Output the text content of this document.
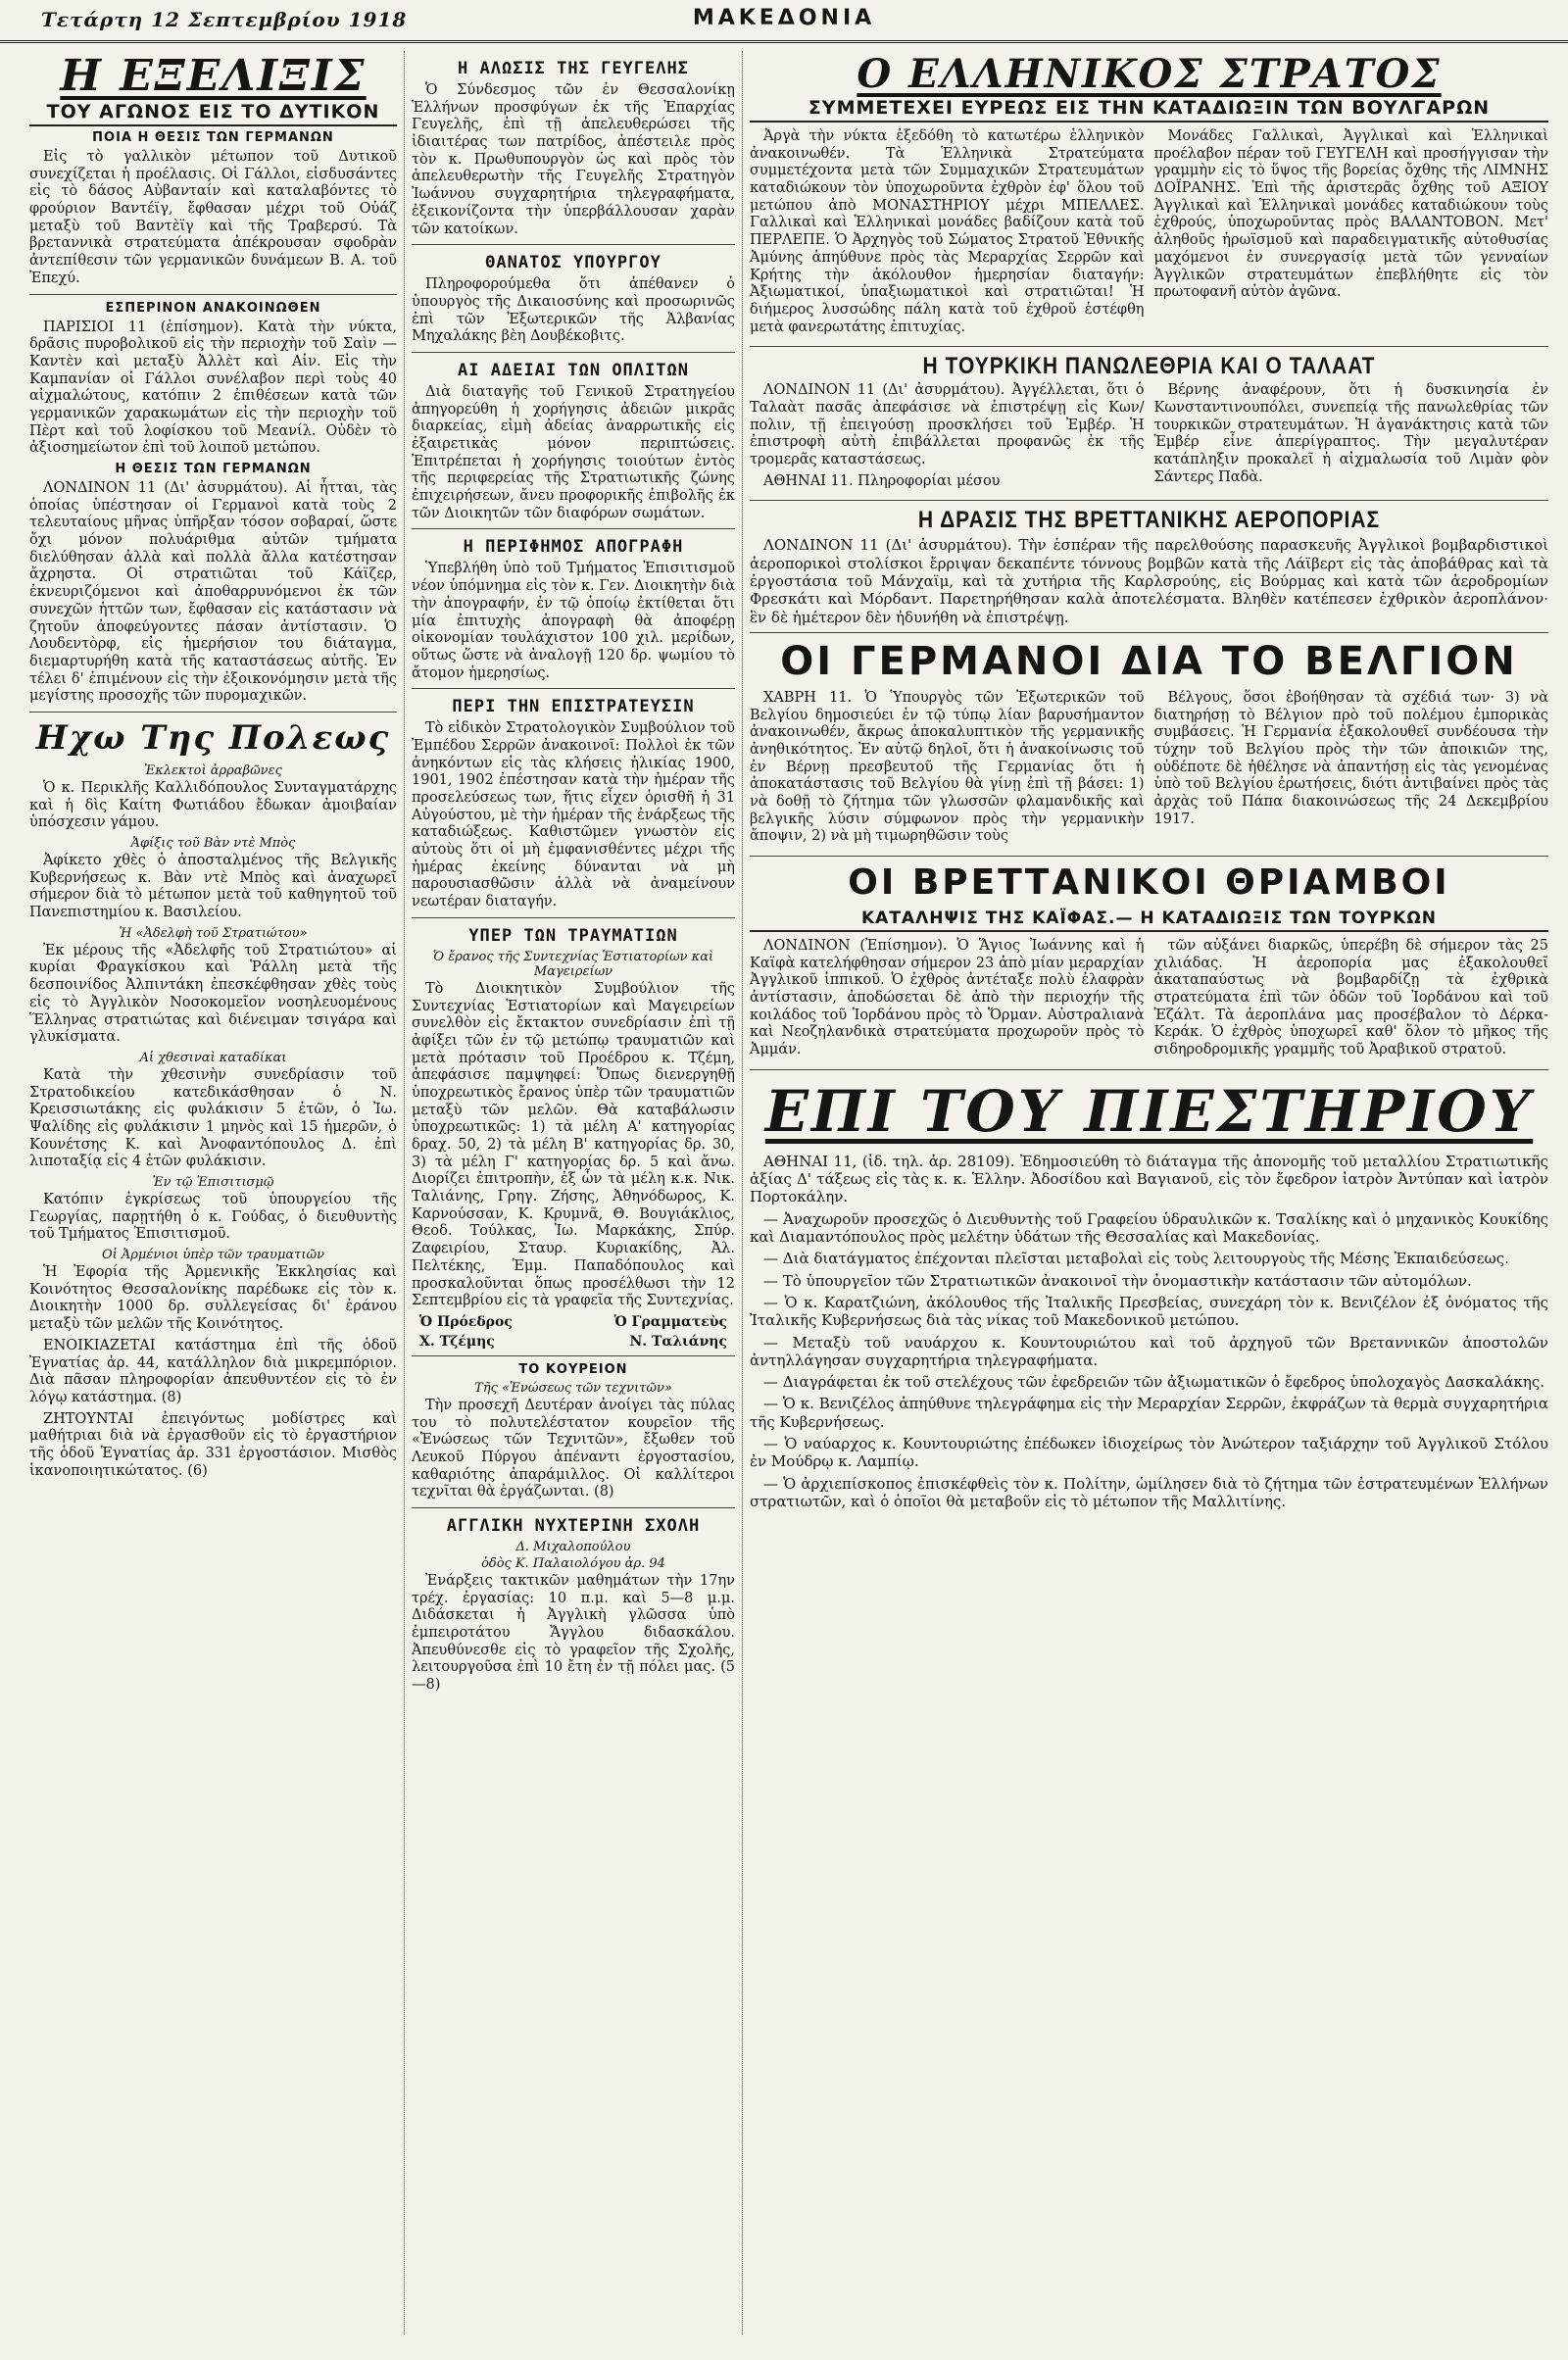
Τετάρτη 12 Σεπτεμβρίου 1918	ΜΑΚΕΔΟΝΙΑ
Η ΕΞΕΛΙΞΙΣ
ΤΟΥ ΑΓΩΝΟΣ ΕΙΣ ΤΟ ΔΥΤΙΚΟΝ
ΠΟΙΑ Η ΘΕΣΙΣ ΤΩΝ ΓΕΡΜΑΝΩΝ

Εἰς τὸ γαλλικὸν μέτωπον τοῦ Δυτικοῦ συνεχίζεται ἡ προέλασις. Οἱ Γάλλοι, εἰσδυσάντες εἰς τὸ δάσος Αὐβανταίν καὶ καταλαβόντες τὸ φρούριον Βαντέϊγ, ἔφθασαν μέχρι τοῦ Οὐάζ μεταξὺ τοῦ Βαντὲϊγ καὶ τῆς Τραβερσύ. Τὰ βρεταννικὰ στρατεύματα ἀπέκρουσαν σφοδρὰν ἀντεπίθεσιν τῶν γερμανικῶν δυνάμεων Β. Α. τοῦ Ἐπεχύ.

ΕΣΠΕΡΙΝΟΝ ΑΝΑΚΟΙΝΩΘΕΝ

ΠΑΡΙΣΙΟΙ 11 (ἐπίσημον). Κατὰ τὴν νύκτα, δρᾶσις πυροβολικοῦ εἰς τὴν περιοχὴν τοῦ Σαὶν — Καντὲν καὶ μεταξὺ Ἀλλὲτ καὶ Αἰν. Εἰς τὴν Καμπανίαν οἱ Γάλλοι συνέλαβον περὶ τοὺς 40 αἰχμαλώτους, κατόπιν 2 ἐπιθέσεων κατὰ τῶν γερμανικῶν χαρακωμάτων εἰς τὴν περιοχὴν τοῦ Πὲρτ καὶ τοῦ λοφίσκου τοῦ Μεανίλ. Οὐδὲν τὸ ἀξιοσημείωτον ἐπὶ τοῦ λοιποῦ μετώπου.

Η ΘΕΣΙΣ ΤΩΝ ΓΕΡΜΑΝΩΝ

ΛΟΝΔΙΝΟΝ 11 (Δι' ἀσυρμάτου). Αἱ ἧτται, τὰς ὁποίας ὑπέστησαν οἱ Γερμανοὶ κατὰ τοὺς 2 τελευταίους μῆνας ὑπῆρξαν τόσον σοβαραί, ὥστε ὄχι μόνον πολυάριθμα αὐτῶν τμήματα διελύθησαν ἀλλὰ καὶ πολλὰ ἄλλα κατέστησαν ἄχρηστα. Οἱ στρατιῶται τοῦ Κάϊζερ, ἐκνευριζόμενοι καὶ ἀποθαρρυνόμενοι ἐκ τῶν συνεχῶν ἡττῶν των, ἔφθασαν εἰς κατάστασιν νὰ ζητοῦν ἀποφεύγοντες πάσαν ἀντίστασιν. Ὁ Λουδεντὸρφ, εἰς ἡμερήσιον του διάταγμα, διεμαρτυρήθη κατὰ τῆς καταστάσεως αὐτῆς. Ἐν τέλει δ' ἐπιμένουν εἰς τὴν ἐξοικονόμησιν μετὰ τῆς μεγίστης προσοχῆς τῶν πυρομαχικῶν.

Ηχω Της Πολεως
Ἐκλεκτοὶ ἀρραβῶνες

Ὁ κ. Περικλῆς Καλλιδόπουλος Συνταγματάρχης καὶ ἡ δὶς Καίτη Φωτιάδου ἔδωκαν ἀμοιβαίαν ὑπόσχεσιν γάμου.

Ἀφίξις τοῦ Βὰν ντὲ Μπὸς

Ἀφίκετο χθὲς ὁ ἀποσταλμένος τῆς Βελγικῆς Κυβερνήσεως κ. Βὰν ντὲ Μπὸς καὶ ἀναχωρεῖ σήμερον διὰ τὸ μέτωπον μετὰ τοῦ καθηγητοῦ τοῦ Πανεπιστημίου κ. Βασιλείου.

Ἡ «Ἀδελφὴ τοῦ Στρατιώτου»

Ἐκ μέρους τῆς «Ἀδελφῆς τοῦ Στρατιώτου» αἱ κυρίαι Φραγκίσκου καὶ Ῥάλλη μετὰ τῆς δεσποινίδος Ἀλπιντάκη ἐπεσκέφθησαν χθὲς τοὺς εἰς τὸ Ἀγγλικὸν Νοσοκομεῖον νοσηλευομένους Ἕλληνας στρατιώτας καὶ διένειμαν τσιγάρα καὶ γλυκίσματα.

Αἱ χθεσιναὶ καταδίκαι

Κατὰ τὴν χθεσινὴν συνεδρίασιν τοῦ Στρατοδικείου κατεδικάσθησαν ὁ Ν. Κρεισσιωτάκης εἰς φυλάκισιν 5 ἐτῶν, ὁ Ἰω. Ψαλίδης εἰς φυλάκισιν 1 μηνὸς καὶ 15 ἡμερῶν, ὁ Κουνέτσης Κ. καὶ Ἀνοφαντόπουλος Δ. ἐπὶ λιποταξίᾳ εἰς 4 ἐτῶν φυλάκισιν.

Ἐν τῷ Ἐπισιτισμῷ

Κατόπιν ἐγκρίσεως τοῦ ὑπουργείου τῆς Γεωργίας, παρῃτήθη ὁ κ. Γούδας, ὁ διευθυντὴς τοῦ Τμήματος Ἐπισιτισμοῦ.

Οἱ Ἀρμένιοι ὑπὲρ τῶν τραυματιῶν

Ἡ Ἐφορία τῆς Ἀρμενικῆς Ἐκκλησίας καὶ Κοινότητος Θεσσαλονίκης παρέδωκε εἰς τὸν κ. Διοικητὴν 1000 δρ. συλλεγείσας δι' ἐράνου μεταξὺ τῶν μελῶν τῆς Κοινότητος.

ΕΝΟΙΚΙΑΖΕΤΑΙ κατάστημα ἐπὶ τῆς ὁδοῦ Ἐγνατίας ἀρ. 44, κατάλληλον διὰ μικρεμπόριον. Διὰ πᾶσαν πληροφορίαν ἀπευθυντέον εἰς τὸ ἐν λόγῳ κατάστημα. (8)

ΖΗΤΟΥΝΤΑΙ ἐπειγόντως μοδίστρες καὶ μαθήτριαι διὰ νὰ ἐργασθοῦν εἰς τὸ ἐργαστήριον τῆς ὁδοῦ Ἐγνατίας ἀρ. 331 ἐργοστάσιον. Μισθὸς ἱκανοποιητικώτατος. (6)

Η ΑΛΩΣΙΣ ΤΗΣ ΓΕΥΓΕΛΗΣ

Ὁ Σύνδεσμος τῶν ἐν Θεσσαλονίκῃ Ἑλλήνων προσφύγων ἐκ τῆς Ἐπαρχίας Γευγελῆς, ἐπὶ τῇ ἀπελευθερώσει τῆς ἰδιαιτέρας των πατρίδος, ἀπέστειλε πρὸς τὸν κ. Πρωθυπουργὸν ὡς καὶ πρὸς τὸν ἀπελευθερωτὴν τῆς Γευγελῆς Στρατηγὸν Ἰωάννου συγχαρητήρια τηλεγραφήματα, ἐξεικονίζοντα τὴν ὑπερβάλλουσαν χαρὰν τῶν κατοίκων.

ΘΑΝΑΤΟΣ ΥΠΟΥΡΓΟΥ

Πληροφορούμεθα ὅτι ἀπέθανεν ὁ ὑπουργὸς τῆς Δικαιοσύνης καὶ προσωρινῶς ἐπὶ τῶν Ἐξωτερικῶν τῆς Ἀλβανίας Μηχαλάκης βὲη Δουβέκοβιτς.

ΑΙ ΑΔΕΙΑΙ ΤΩΝ ΟΠΛΙΤΩΝ

Διὰ διαταγῆς τοῦ Γενικοῦ Στρατηγείου ἀπηγορεύθη ἡ χορήγησις ἀδειῶν μικρᾶς διαρκείας, εἰμὴ ἀδείας ἀναρρωτικῆς εἰς ἐξαιρετικὰς μόνον περιπτώσεις. Ἐπιτρέπεται ἡ χορήγησις τοιούτων ἐντὸς τῆς περιφερείας τῆς Στρατιωτικῆς ζώνης ἐπιχειρήσεων, ἄνευ προφορικῆς ἐπιβολῆς ἐκ τῶν Διοικητῶν τῶν διαφόρων σωμάτων.

Η ΠΕΡΙΦΗΜΟΣ ΑΠΟΓΡΑΦΗ

Ὑπεβλήθη ὑπὸ τοῦ Τμήματος Ἐπισιτισμοῦ νέον ὑπόμνημα εἰς τὸν κ. Γεν. Διοικητὴν διὰ τὴν ἀπογραφήν, ἐν τῷ ὁποίῳ ἐκτίθεται ὅτι μία ἐπιτυχὴς ἀπογραφὴ θὰ ἀποφέρῃ οἰκονομίαν τουλάχιστον 100 χιλ. μερίδων, οὕτως ὥστε νὰ ἀναλογῇ 120 δρ. ψωμίου τὸ ἄτομον ἡμερησίως.

ΠΕΡΙ ΤΗΝ ΕΠΙΣΤΡΑΤΕΥΣΙΝ

Τὸ εἰδικὸν Στρατολογικὸν Συμβούλιον τοῦ Ἐμπέδου Σερρῶν ἀνακοινοῖ: Πολλοὶ ἐκ τῶν ἀνηκόντων εἰς τὰς κλήσεις ἡλικίας 1900, 1901, 1902 ἐπέστησαν κατὰ τὴν ἡμέραν τῆς προσελεύσεως των, ἥτις εἶχεν ὁρισθῆ ἡ 31 Αὐγούστου, μὲ τὴν ἡμέραν τῆς ἐνάρξεως τῆς καταδιώξεως. Καθιστῶμεν γνωστὸν εἰς αὐτοὺς ὅτι οἱ μὴ ἐμφανισθέντες μέχρι τῆς ἡμέρας ἐκείνης δύνανται νὰ μὴ παρουσιασθῶσιν ἀλλὰ νὰ ἀναμείνουν νεωτέραν διαταγήν.

ΥΠΕΡ ΤΩΝ ΤΡΑΥΜΑΤΙΩΝ
Ὁ ἔρανος τῆς Συντεχνίας Ἑστιατορίων καὶ Μαγειρείων

Τὸ Διοικητικὸν Συμβούλιον τῆς Συντεχνίας Ἑστιατορίων καὶ Μαγειρείων συνελθὸν εἰς ἔκτακτον συνεδρίασιν ἐπὶ τῇ ἀφίξει τῶν ἐν τῷ μετώπῳ τραυματιῶν καὶ μετὰ πρότασιν τοῦ Προέδρου κ. Τζέμη, ἀπεφάσισε παμψηφεί: Ὅπως διενεργηθῇ ὑποχρεωτικὸς ἔρανος ὑπὲρ τῶν τραυματιῶν μεταξὺ τῶν μελῶν. Θὰ καταβάλωσιν ὑποχρεωτικῶς: 1) τὰ μέλη Α' κατηγορίας δραχ. 50, 2) τὰ μέλη Β' κατηγορίας δρ. 30, 3) τὰ μέλη Γ' κατηγορίας δρ. 5 καὶ ἄνω. Διορίζει ἐπιτροπὴν, ἐξ ὧν τὰ μέλη κ.κ. Νικ. Ταλιάνης, Γρηγ. Ζήσης, Ἀθηνόδωρος, Κ. Καρνούσσαν, Κ. Κρυμνᾶ, Θ. Βουγιάκλιος, Θεοδ. Τούλκας, Ἰω. Μαρκάκης, Σπύρ. Ζαφειρίου, Σταυρ. Κυριακίδης, Ἀλ. Πελτέκης, Ἐμμ. Παπαδόπουλος καὶ προσκαλοῦνται ὅπως προσέλθωσι τὴν 12 Σεπτεμβρίου εἰς τὰ γραφεῖα τῆς Συντεχνίας.

Ὁ Πρόεδρος	Ὁ Γραμματεὺς
Χ. Τζέμης	Ν. Ταλιάνης
ΤΟ ΚΟΥΡΕΙΟΝ
Τῆς «Ἑνώσεως τῶν τεχνιτῶν»

Τὴν προσεχῆ Δευτέραν ἀνοίγει τὰς πύλας του τὸ πολυτελέστατον κουρεῖον τῆς «Ἑνώσεως τῶν Τεχνιτῶν», ἔξωθεν τοῦ Λευκοῦ Πύργου ἀπέναντι ἐργοστασίου, καθαριότης ἀπαράμιλλος. Οἱ καλλίτεροι τεχνῖται θὰ ἐργάζωνται. (8)

ΑΓΓΛΙΚΗ ΝΥΧΤΕΡΙΝΗ ΣΧΟΛΗ
Δ. Μιχαλοπούλου
ὁδὸς Κ. Παλαιολόγου ἀρ. 94

Ἐνάρξεις τακτικῶν μαθημάτων τὴν 17ην τρέχ. ἐργασίας: 10 π.μ. καὶ 5—8 μ.μ. Διδάσκεται ἡ Ἀγγλικὴ γλῶσσα ὑπὸ ἐμπειροτάτου Ἄγγλου διδασκάλου. Ἀπευθύνεσθε εἰς τὸ γραφεῖον τῆς Σχολῆς, λειτουργοῦσα ἐπὶ 10 ἔτη ἐν τῇ πόλει μας. (5—8)

Ο ΕΛΛΗΝΙΚΟΣ ΣΤΡΑΤΟΣ
ΣΥΜΜΕΤΕΧΕΙ ΕΥΡΕΩΣ ΕΙΣ ΤΗΝ ΚΑΤΑΔΙΩΞΙΝ ΤΩΝ ΒΟΥΛΓΑΡΩΝ

Ἀργὰ τὴν νύκτα ἐξεδόθη τὸ κατωτέρω ἑλληνικὸν ἀνακοινωθέν. Τὰ Ἑλληνικὰ Στρατεύματα συμμετέχοντα μετὰ τῶν Συμμαχικῶν Στρατευμάτων καταδιώκουν τὸν ὑποχωροῦντα ἐχθρὸν ἐφ' ὅλου τοῦ μετώπου ἀπὸ ΜΟΝΑΣΤΗΡΙΟΥ μέχρι ΜΠΕΛΛΕΣ. Γαλλικαὶ καὶ Ἑλληνικαὶ μονάδες βαδίζουν κατὰ τοῦ ΠΕΡΛΕΠΕ. Ὁ Ἀρχηγὸς τοῦ Σώματος Στρατοῦ Ἐθνικῆς Ἀμύνης ἀπηύθυνε πρὸς τὰς Μεραρχίας Σερρῶν καὶ Κρήτης τὴν ἀκόλουθον ἡμερησίαν διαταγήν: Ἀξιωματικοί, ὑπαξιωματικοὶ καὶ στρατιῶται! Ἡ διήμερος λυσσώδης πάλη κατὰ τοῦ ἐχθροῦ ἐστέφθη μετὰ φανερωτάτης ἐπιτυχίας.

Μονάδες Γαλλικαὶ, Ἀγγλικαὶ καὶ Ἑλληνικαὶ προέλαβον πέραν τοῦ ΓΕΥΓΕΛΗ καὶ προσήγγισαν τὴν γραμμὴν εἰς τὸ ὕψος τῆς βορείας ὄχθης τῆς ΛΙΜΝΗΣ ΔΟΪΡΑΝΗΣ. Ἐπὶ τῆς ἀριστερᾶς ὄχθης τοῦ ΑΞΙΟΥ Ἀγγλικαὶ καὶ Ἑλληνικαὶ μονάδες καταδιώκουν τοὺς ἐχθρούς, ὑποχωροῦντας πρὸς ΒΑΛΑΝΤΟΒΟΝ. Μετ' ἀληθοῦς ἡρωϊσμοῦ καὶ παραδειγματικῆς αὐτοθυσίας μαχόμενοι ἐν συνεργασίᾳ μετὰ τῶν γενναίων Ἀγγλικῶν στρατευμάτων ἐπεβλήθητε εἰς τὸν πρωτοφανῆ αὐτὸν ἀγῶνα.

Η ΤΟΥΡΚΙΚΗ ΠΑΝΩΛΕΘΡΙΑ ΚΑΙ Ο ΤΑΛΑΑΤ

ΛΟΝΔΙΝΟΝ 11 (Δι' ἀσυρμάτου). Ἀγγέλλεται, ὅτι ὁ Ταλαὰτ πασᾶς ἀπεφάσισε νὰ ἐπιστρέψῃ εἰς Κων/πολιν, τῇ ἐπειγούσῃ προσκλήσει τοῦ Ἐμβέρ. Ἡ ἐπιστροφὴ αὐτὴ ἐπιβάλλεται προφανῶς ἐκ τῆς τρομερᾶς καταστάσεως.

ΑΘΗΝΑΙ 11. Πληροφορίαι μέσου

Βέρνης ἀναφέρουν, ὅτι ἡ δυσκινησία ἐν Κωνσταντινουπόλει, συνεπείᾳ τῆς πανωλεθρίας τῶν τουρκικῶν στρατευμάτων. Ἡ ἀγανάκτησις κατὰ τῶν Ἐμβέρ εἶνε ἀπερίγραπτος. Τὴν μεγαλυτέραν κατάπληξιν προκαλεῖ ἡ αἰχμαλωσία τοῦ Λιμὰν φὸν Σάντερς Παδὰ.

Η ΔΡΑΣΙΣ ΤΗΣ ΒΡΕΤΤΑΝΙΚΗΣ ΑΕΡΟΠΟΡΙΑΣ

ΛΟΝΔΙΝΟΝ 11 (Δι' ἀσυρμάτου). Τὴν ἑσπέραν τῆς παρελθούσης παρασκευῆς Ἀγγλικοὶ βομβαρδιστικοὶ ἀεροπορικοὶ στολίσκοι ἔρριψαν δεκαπέντε τόννους βομβῶν κατὰ τῆς Λάϊβερτ εἰς τὰς ἀποβάθρας καὶ τὰ ἐργοστάσια τοῦ Μάνχαϊμ, καὶ τὰ χυτήρια τῆς Καρλσρούης, εἰς Βούρμας καὶ κατὰ τῶν ἀεροδρομίων Φρεσκάτι καὶ Μόρδαντ. Παρετηρήθησαν καλὰ ἀποτελέσματα. Βληθὲν κατέπεσεν ἐχθρικὸν ἀεροπλάνον· ἓν δὲ ἡμέτερον δὲν ἠδυνήθη νὰ ἐπιστρέψῃ.

ΟΙ ΓΕΡΜΑΝΟΙ ΔΙΑ ΤΟ ΒΕΛΓΙΟΝ

ΧΑΒΡΗ 11. Ὁ Ὑπουργὸς τῶν Ἐξωτερικῶν τοῦ Βελγίου δημοσιεύει ἐν τῷ τύπῳ λίαν βαρυσήμαντον ἀνακοινωθέν, ἄκρως ἀποκαλυπτικὸν τῆς γερμανικῆς ἀνηθικότητος. Ἐν αὐτῷ δηλοῖ, ὅτι ἡ ἀνακοίνωσις τοῦ ἐν Βέρνῃ πρεσβευτοῦ τῆς Γερμανίας ὅτι ἡ ἀποκατάστασις τοῦ Βελγίου θὰ γίνῃ ἐπὶ τῇ βάσει: 1) νὰ δοθῇ τὸ ζήτημα τῶν γλωσσῶν φλαμανδικῆς καὶ βελγικῆς λύσιν σύμφωνον πρὸς τὴν γερμανικὴν ἄποψιν, 2) νὰ μὴ τιμωρηθῶσιν τοὺς

Βέλγους, ὅσοι ἐβοήθησαν τὰ σχέδιά των· 3) νὰ διατηρήσῃ τὸ Βέλγιον πρὸ τοῦ πολέμου ἐμπορικὰς συμβάσεις. Ἡ Γερμανία ἐξακολουθεῖ συνδέουσα τὴν τύχην τοῦ Βελγίου πρὸς τὴν τῶν ἀποικιῶν της, οὐδέποτε δὲ ἠθέλησε νὰ ἀπαντήσῃ εἰς τὰς γενομένας ὑπὸ τοῦ Βελγίου ἐρωτήσεις, διότι ἀντιβαίνει πρὸς τὰς ἀρχὰς τοῦ Πάπα διακοινώσεως τῆς 24 Δεκεμβρίου 1917.

ΟΙ ΒΡΕΤΤΑΝΙΚΟΙ ΘΡΙΑΜΒΟΙ
ΚΑΤΑΛΗΨΙΣ ΤΗΣ ΚΑΪΦΑΣ.— Η ΚΑΤΑΔΙΩΞΙΣ ΤΩΝ ΤΟΥΡΚΩΝ

ΛΟΝΔΙΝΟΝ (Ἐπίσημον). Ὁ Ἅγιος Ἰωάννης καὶ ἡ Καϊφὰ κατελήφθησαν σήμερον 23 ἀπὸ μίαν μεραρχίαν Ἀγγλικοῦ ἱππικοῦ. Ὁ ἐχθρὸς ἀντέταξε πολὺ ἐλαφρὰν ἀντίστασιν, ἀποδώσεται δὲ ἀπὸ τὴν περιοχήν τῆς κοιλάδος τοῦ Ἰορδάνου πρὸς τὸ Ὅρμαν. Αὐστραλιανὰ καὶ Νεοζηλανδικὰ στρατεύματα προχωροῦν πρὸς τὸ Ἀμμάν.

τῶν αὐξάνει διαρκῶς, ὑπερέβη δὲ σήμερον τὰς 25 χιλιάδας. Ἡ ἀεροπορία μας ἐξακολουθεῖ ἀκαταπαύστως νὰ βομβαρδίζῃ τὰ ἐχθρικὰ στρατεύματα ἐπὶ τῶν ὁδῶν τοῦ Ἰορδάνου καὶ τοῦ Ἐζάλτ. Τὰ ἀεροπλάνα μας προσέβαλον τὸ Δέρκα-Κεράκ. Ὁ ἐχθρὸς ὑποχωρεῖ καθ' ὅλον τὸ μῆκος τῆς σιδηροδρομικῆς γραμμῆς τοῦ Ἀραβικοῦ στρατοῦ.

ΕΠΙ ΤΟΥ ΠΙΕΣΤΗΡΙΟΥ

ΑΘΗΝΑΙ 11, (ἰδ. τηλ. ἀρ. 28109). Ἐδημοσιεύθη τὸ διάταγμα τῆς ἀπονομῆς τοῦ μεταλλίου Στρατιωτικῆς ἀξίας Δ' τάξεως εἰς τὰς κ. κ. Ἑλλην. Ἀδοσίδου καὶ Βαγιανοῦ, εἰς τὸν ἔφεδρον ἰατρὸν Ἀντύπαν καὶ ἰατρὸν Πορτοκάλην.

— Ἀναχωροῦν προσεχῶς ὁ Διευθυντὴς τοῦ Γραφείου ὑδραυλικῶν κ. Τσαλίκης καὶ ὁ μηχανικὸς Κουκίδης καὶ Διαμαντόπουλος πρὸς μελέτην ὑδάτων τῆς Θεσσαλίας καὶ Μακεδονίας.

— Διὰ διατάγματος ἐπέχονται πλεῖσται μεταβολαὶ εἰς τοὺς λειτουργοὺς τῆς Μέσης Ἐκπαιδεύσεως.

— Τὸ ὑπουργεῖον τῶν Στρατιωτικῶν ἀνακοινοῖ τὴν ὀνομαστικὴν κατάστασιν τῶν αὐτομόλων.

— Ὁ κ. Καρατζιώνη, ἀκόλουθος τῆς Ἰταλικῆς Πρεσβείας, συνεχάρη τὸν κ. Βενιζέλον ἐξ ὀνόματος τῆς Ἰταλικῆς Κυβερνήσεως διὰ τὰς νίκας τοῦ Μακεδονικοῦ μετώπου.

— Μεταξὺ τοῦ ναυάρχου κ. Κουντουριώτου καὶ τοῦ ἀρχηγοῦ τῶν Βρεταννικῶν ἀποστολῶν ἀντηλλάγησαν συγχαρητήρια τηλεγραφήματα.

— Διαγράφεται ἐκ τοῦ στελέχους τῶν ἐφεδρειῶν τῶν ἀξιωματικῶν ὁ ἔφεδρος ὑπολοχαγὸς Δασκαλάκης.

— Ὁ κ. Βενιζέλος ἀπηύθυνε τηλεγράφημα εἰς τὴν Μεραρχίαν Σερρῶν, ἐκφράζων τὰ θερμὰ συγχαρητήρια τῆς Κυβερνήσεως.

— Ὁ ναύαρχος κ. Κουντουριώτης ἐπέδωκεν ἰδιοχείρως τὸν Ἀνώτερον ταξιάρχην τοῦ Ἀγγλικοῦ Στόλου ἐν Μούδρῳ κ. Λαμπίῳ.

— Ὁ ἀρχιεπίσκοπος ἐπισκέφθεὶς τὸν κ. Πολίτην, ὡμίλησεν διὰ τὸ ζήτημα τῶν ἐστρατευμένων Ἑλλήνων στρατιωτῶν, καὶ ὁ ὁποῖοι θὰ μεταβοῦν εἰς τὸ μέτωπον τῆς Μαλλιτίνης.
